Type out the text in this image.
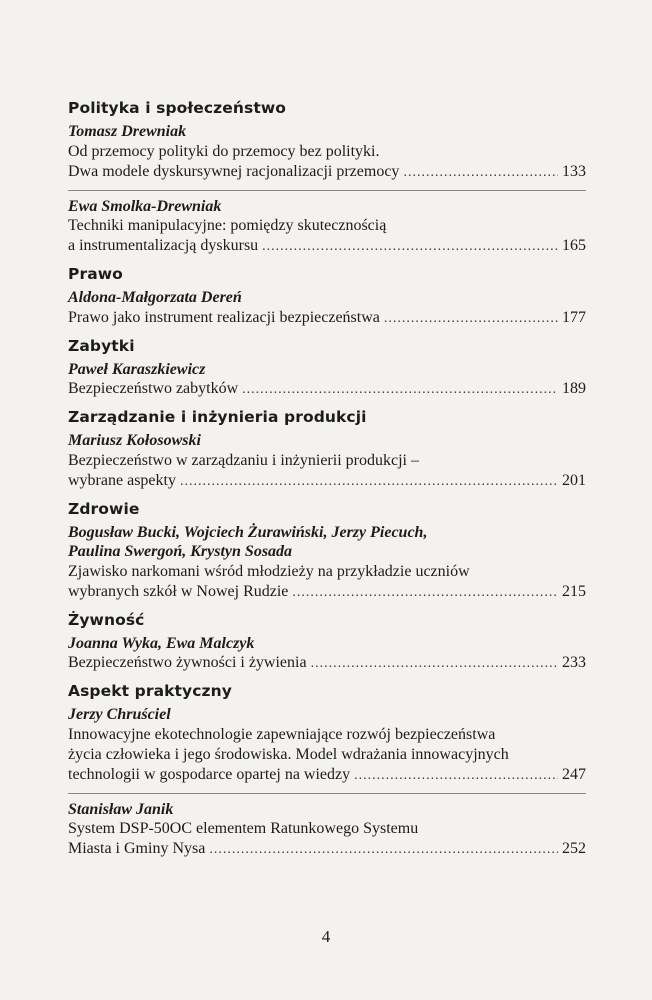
Polityka i społeczeństwo
Tomasz Drewniak
Od przemocy polityki do przemocy bez polityki.
Dwa modele dyskursywnej racjonalizacji przemocy .....	133
Ewa Smolka-Drewniak
Techniki manipulacyjne: pomiędzy skutecznością
a instrumentalizacją dyskursu .....	165
Prawo
Aldona-Małgorzata Dereń
Prawo jako instrument realizacji bezpieczeństwa .....	177
Zabytki
Paweł Karaszkiewicz
Bezpieczeństwo zabytków .....	189
Zarządzanie i inżynieria produkcji
Mariusz Kołosowski
Bezpieczeństwo w zarządzaniu i inżynierii produkcji –
wybrane aspekty .....	201
Zdrowie
Bogusław Bucki, Wojciech Żurawiński, Jerzy Piecuch,
Paulina Swergoń, Krystyn Sosada
Zjawisko narkomani wśród młodzieży na przykładzie uczniów
wybranych szkół w Nowej Rudzie .....	215
Żywność
Joanna Wyka, Ewa Malczyk
Bezpieczeństwo żywności i żywienia .....	233
Aspekt praktyczny
Jerzy Chruściel
Innowacyjne ekotechnologie zapewniające rozwój bezpieczeństwa
życia człowieka i jego środowiska. Model wdrażania innowacyjnych
technologii w gospodarce opartej na wiedzy .....	247
Stanisław Janik
System DSP-50OC elementem Ratunkowego Systemu
Miasta i Gminy Nysa .....	252
4
